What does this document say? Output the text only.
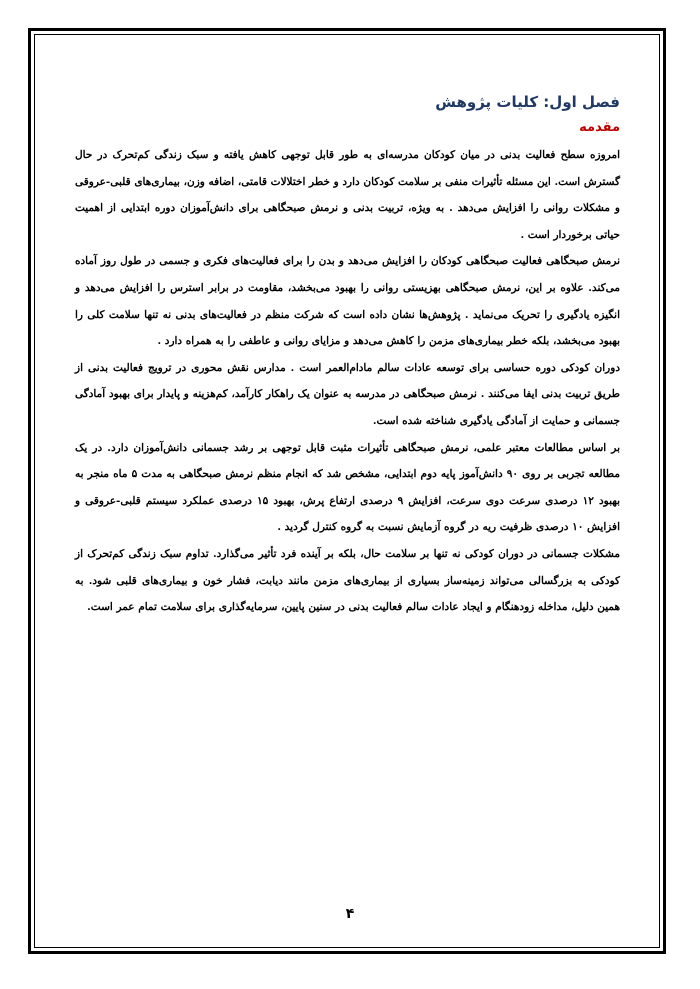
فصل اول: کلیات پژوهش
مقدمه

امروزه سطح فعالیت بدنی در میان کودکان مدرسه‌ای به طور قابل توجهی کاهش یافته و سبک زندگی کم‌تحرک در حال گسترش است. این مسئله تأثیرات منفی بر سلامت کودکان دارد و خطر اختلالات قامتی، اضافه وزن، بیماری‌های قلبی-عروقی و مشکلات روانی را افزایش می‌دهد . به ویژه، تربیت بدنی و نرمش صبحگاهی برای دانش‌آموزان دوره ابتدایی از اهمیت حیاتی برخوردار است .

نرمش صبحگاهی فعالیت صبحگاهی کودکان را افزایش می‌دهد و بدن را برای فعالیت‌های فکری و جسمی در طول روز آماده می‌کند. علاوه بر این، نرمش صبحگاهی بهزیستی روانی را بهبود می‌بخشد، مقاومت در برابر استرس را افزایش می‌دهد و انگیزه یادگیری را تحریک می‌نماید . پژوهش‌ها نشان داده است که شرکت منظم در فعالیت‌های بدنی نه تنها سلامت کلی را بهبود می‌بخشد، بلکه خطر بیماری‌های مزمن را کاهش می‌دهد و مزایای روانی و عاطفی را به همراه دارد .

دوران کودکی دوره حساسی برای توسعه عادات سالم مادام‌العمر است . مدارس نقش محوری در ترویج فعالیت بدنی از طریق تربیت بدنی ایفا می‌کنند . نرمش صبحگاهی در مدرسه به عنوان یک راهکار کارآمد، کم‌هزینه و پایدار برای بهبود آمادگی جسمانی و حمایت از آمادگی یادگیری شناخته شده است.

بر اساس مطالعات معتبر علمی، نرمش صبحگاهی تأثیرات مثبت قابل توجهی بر رشد جسمانی دانش‌آموزان دارد. در یک مطالعه تجربی بر روی ۹۰ دانش‌آموز پایه دوم ابتدایی، مشخص شد که انجام منظم نرمش صبحگاهی به مدت ۵ ماه منجر به بهبود ۱۲ درصدی سرعت دوی سرعت، افزایش ۹ درصدی ارتفاع پرش، بهبود ۱۵ درصدی عملکرد سیستم قلبی-عروقی و افزایش ۱۰ درصدی ظرفیت ریه در گروه آزمایش نسبت به گروه کنترل گردید .

مشکلات جسمانی در دوران کودکی نه تنها بر سلامت حال، بلکه بر آینده فرد تأثیر می‌گذارد. تداوم سبک زندگی کم‌تحرک از کودکی به بزرگسالی می‌تواند زمینه‌ساز بسیاری از بیماری‌های مزمن مانند دیابت، فشار خون و بیماری‌های قلبی شود. به همین دلیل، مداخله زودهنگام و ایجاد عادات سالم فعالیت بدنی در سنین پایین، سرمایه‌گذاری برای سلامت تمام عمر است.

۴
